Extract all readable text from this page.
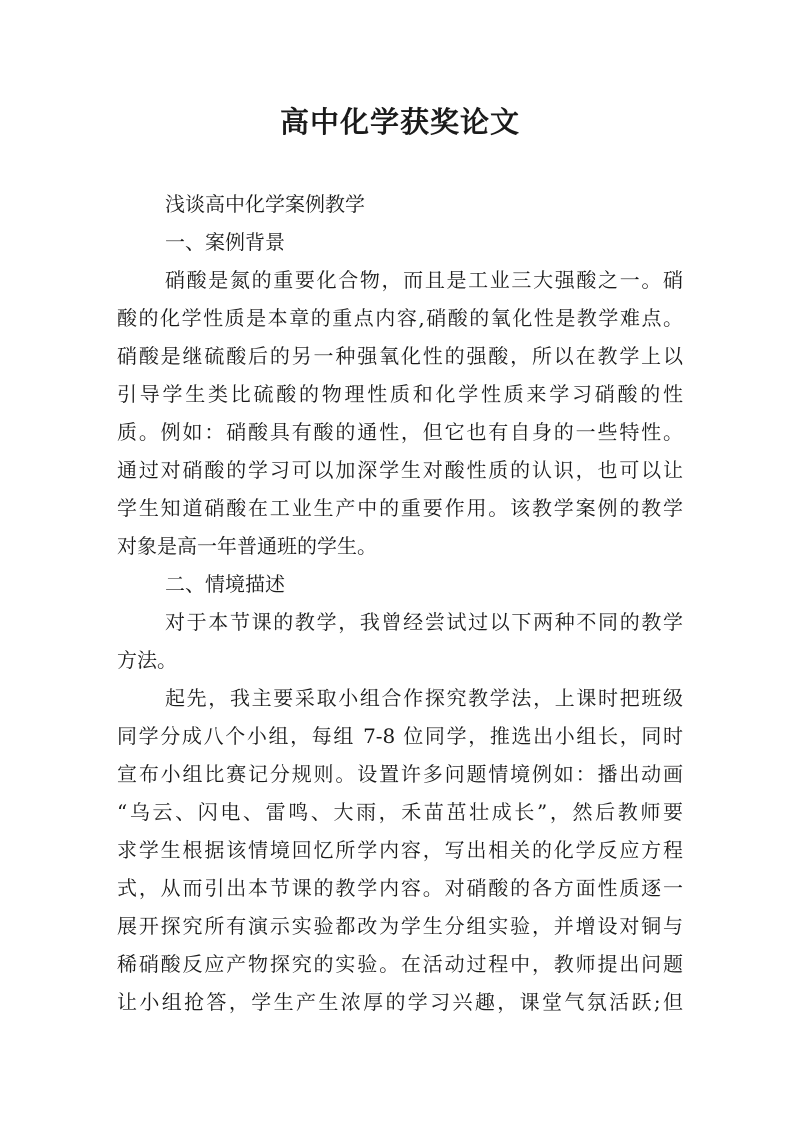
高中化学获奖论文
浅谈高中化学案例教学
一、案例背景
硝酸是氮的重要化合物，而且是工业三大强酸之一。硝
酸的化学性质是本章的重点内容,硝酸的氧化性是教学难点。
硝酸是继硫酸后的另一种强氧化性的强酸，所以在教学上以
引导学生类比硫酸的物理性质和化学性质来学习硝酸的性
质。例如：硝酸具有酸的通性，但它也有自身的一些特性。
通过对硝酸的学习可以加深学生对酸性质的认识，也可以让
学生知道硝酸在工业生产中的重要作用。该教学案例的教学
对象是高一年普通班的学生。
二、情境描述
对于本节课的教学，我曾经尝试过以下两种不同的教学
方法。
起先，我主要采取小组合作探究教学法，上课时把班级
同学分成八个小组，每组 7-8 位同学，推选出小组长，同时
宣布小组比赛记分规则。设置许多问题情境例如：播出动画
“乌云、闪电、雷鸣、大雨，禾苗茁壮成长”，然后教师要
求学生根据该情境回忆所学内容，写出相关的化学反应方程
式，从而引出本节课的教学内容。对硝酸的各方面性质逐一
展开探究所有演示实验都改为学生分组实验，并增设对铜与
稀硝酸反应产物探究的实验。在活动过程中，教师提出问题
让小组抢答，学生产生浓厚的学习兴趣，课堂气氛活跃;但
